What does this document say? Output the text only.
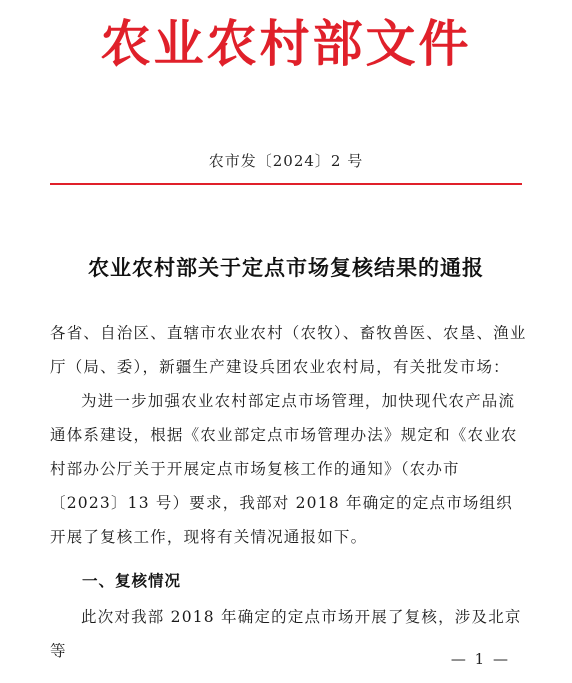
农业农村部文件
农市发〔2024〕2 号
农业农村部关于定点市场复核结果的通报

各省、自治区、直辖市农业农村（农牧）、畜牧兽医、农垦、渔业厅（局、委），新疆生产建设兵团农业农村局，有关批发市场：

为进一步加强农业农村部定点市场管理，加快现代农产品流通体系建设，根据《农业部定点市场管理办法》规定和《农业农村部办公厅关于开展定点市场复核工作的通知》（农办市〔2023〕13 号）要求，我部对 2018 年确定的定点市场组织开展了复核工作，现将有关情况通报如下。

一、复核情况

此次对我部 2018 年确定的定点市场开展了复核，涉及北京等	— 1 —
